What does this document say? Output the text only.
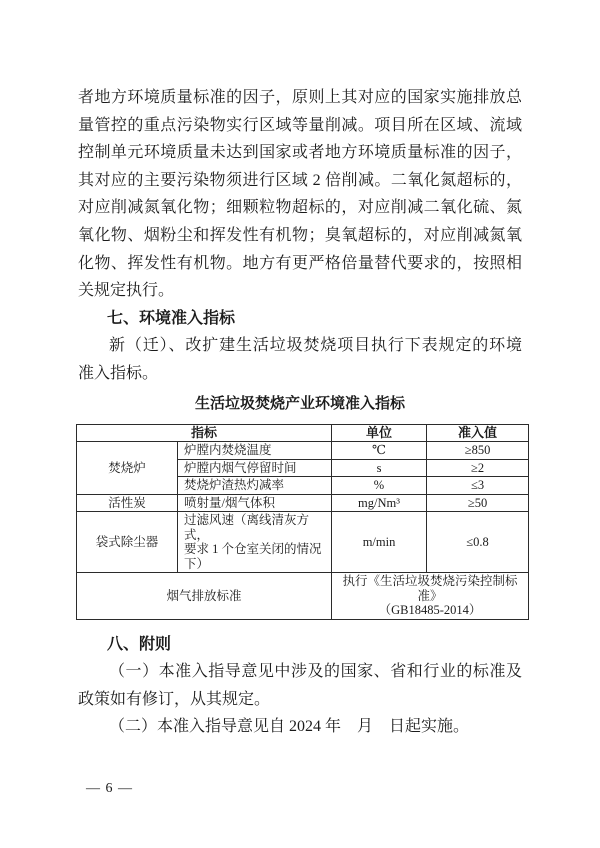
者地方环境质量标准的因子，原则上其对应的国家实施排放总
量管控的重点污染物实行区域等量削减。项目所在区域、流域
控制单元环境质量未达到国家或者地方环境质量标准的因子，
其对应的主要污染物须进行区域 2 倍削减。二氧化氮超标的，
对应削减氮氧化物；细颗粒物超标的，对应削减二氧化硫、氮
氧化物、烟粉尘和挥发性有机物；臭氧超标的，对应削减氮氧
化物、挥发性有机物。地方有更严格倍量替代要求的，按照相
关规定执行。
七、环境准入指标
新（迁）、改扩建生活垃圾焚烧项目执行下表规定的环境
准入指标。
生活垃圾焚烧产业环境准入指标
指标		单位	准入值
焚烧炉	炉膛内焚烧温度	℃	≥850
	炉膛内烟气停留时间	s	≥2
	焚烧炉渣热灼减率	%	≤3
活性炭	喷射量/烟气体积	mg/Nm³	≥50
袋式除尘器	过滤风速（离线清灰方式，
要求 1 个仓室关闭的情况
下）	m/min	≤0.8
烟气排放标准		执行《生活垃圾焚烧污染控制标准》
（GB18485-2014）	
八、附则
（一）本准入指导意见中涉及的国家、省和行业的标准及
政策如有修订，从其规定。
（二）本准入指导意见自 2024 年　月　日起实施。
— 6 —
